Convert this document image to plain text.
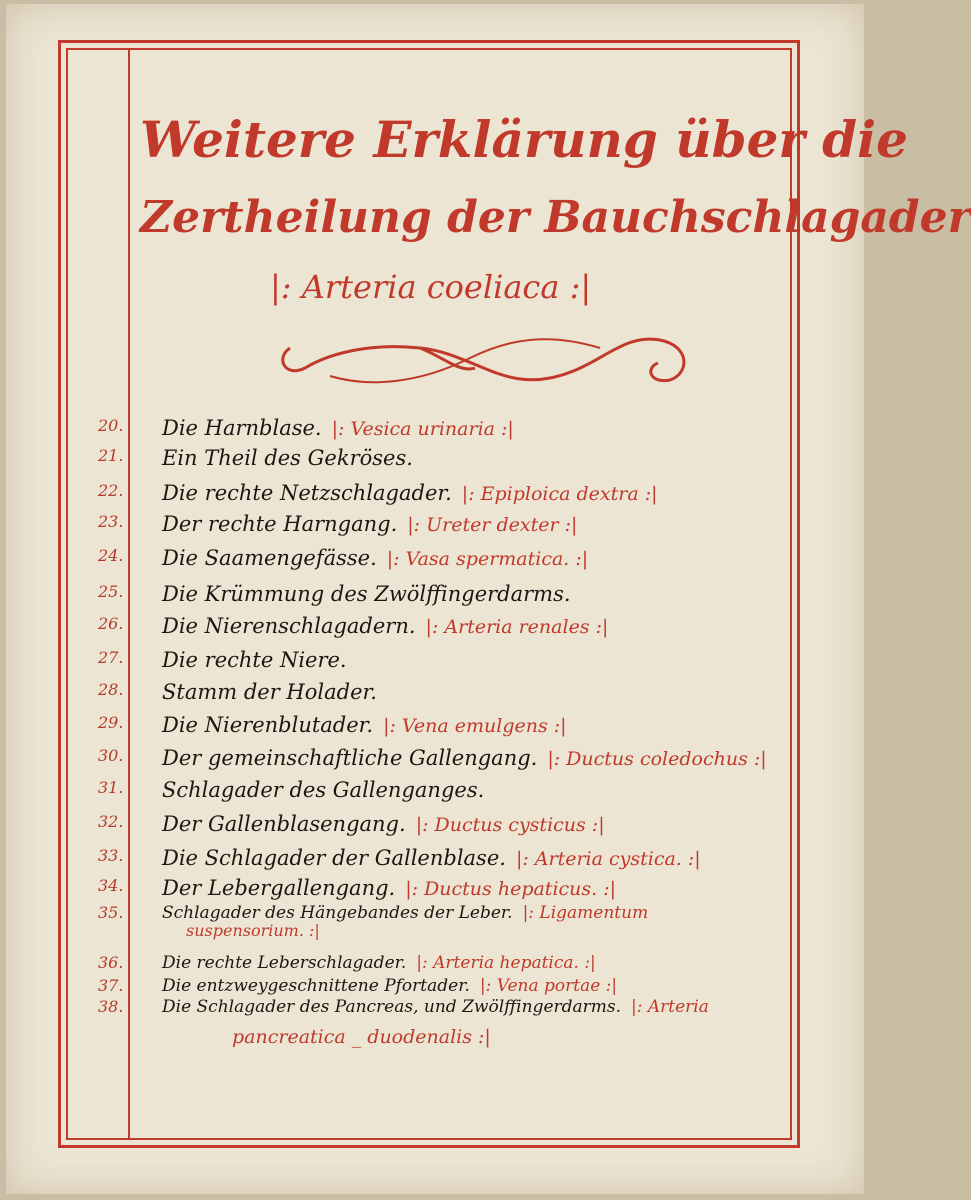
Weitere Erklärung über die
Zertheilung der Bauchschlagader
|: Arteria coeliaca :|
20. Die Harnblase. |: Vesica urinaria :|
21. Ein Theil des Gekröses.
22. Die rechte Netzschlagader. |: Epiploica dextra :|
23. Der rechte Harngang. |: Ureter dexter :|
24. Die Saamengefässe. |: Vasa spermatica. :|
25. Die Krümmung des Zwölffingerdarms.
26. Die Nierenschlagadern. |: Arteria renales :|
27. Die rechte Niere.
28. Stamm der Holader.
29. Die Nierenblutader. |: Vena emulgens :|
30. Der gemeinschaftliche Gallengang. |: Ductus coledochus :|
31. Schlagader des Gallenganges.
32. Der Gallenblasengang. |: Ductus cysticus :|
33. Die Schlagader der Gallenblase. |: Arteria cystica. :|
34. Der Lebergallengang. |: Ductus hepaticus. :|
35. Schlagader des Hängebandes der Leber. |: Ligamentum
36. Die rechte Leberschlagader. |: Arteria hepatica. :|
37. Die entzweygeschnittene Pfortader. |: Vena portae :|
38. Die Schlagader des Pancreas, und Zwölffingerdarms. |: Arteria
suspensorium. :|
pancreatica _ duodenalis :|
